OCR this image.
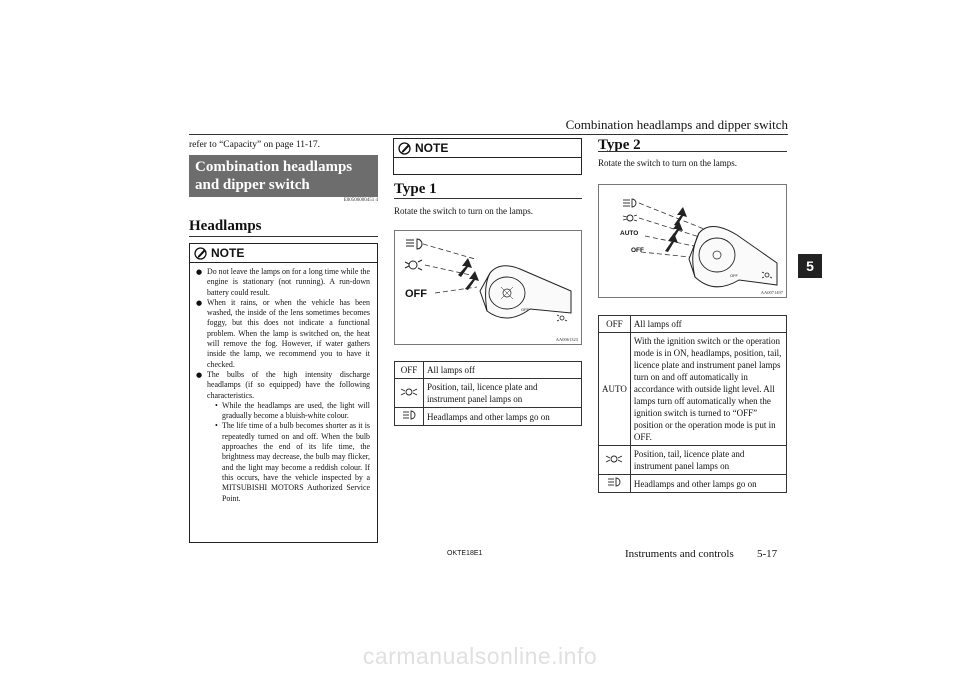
Combination headlamps and dipper switch
5
refer to “Capacity” on page 11-17.
Combination headlamps and dipper switch
E00506000451 4
Headlamps
NOTE
● Do not leave the lamps on for a long time while the engine is stationary (not running). A run-down battery could result.
● When it rains, or when the vehicle has been washed, the inside of the lens sometimes becomes foggy, but this does not indicate a functional problem. When the lamp is switched on, the heat will remove the fog. However, if water gathers inside the lamp, we recommend you to have it checked.
● The bulbs of the high intensity discharge headlamps (if so equipped) have the following characteristics.
• While the headlamps are used, the light will gradually become a bluish-white colour.
• The life time of a bulb becomes shorter as it is repeatedly turned on and off. When the bulb approaches the end of its life time, the brightness may decrease, the bulb may flicker, and the light may become a reddish colour. If this occurs, have the vehicle inspected by a MITSUBISHI MOTORS Authorized Service Point.
NOTE
Type 1
Rotate the switch to turn on the lamps.
OFF
OFF
AA0061323
OFF	All lamps off
	Position, tail, licence plate and instrument panel lamps on
	Headlamps and other lamps go on
Type 2
Rotate the switch to turn on the lamps.
OFF
AUTO
OFF
AA0071497
OFF	All lamps off
AUTO	With the ignition switch or the operation mode is in ON, headlamps, position, tail, licence plate and instrument panel lamps turn on and off automatically in accordance with outside light level. All lamps turn off automatically when the ignition switch is turned to “OFF” position or the operation mode is put in OFF.
	Position, tail, licence plate and instrument panel lamps on
	Headlamps and other lamps go on
OKTE18E1	Instruments and controls 5-17
carmanualsonline.info
